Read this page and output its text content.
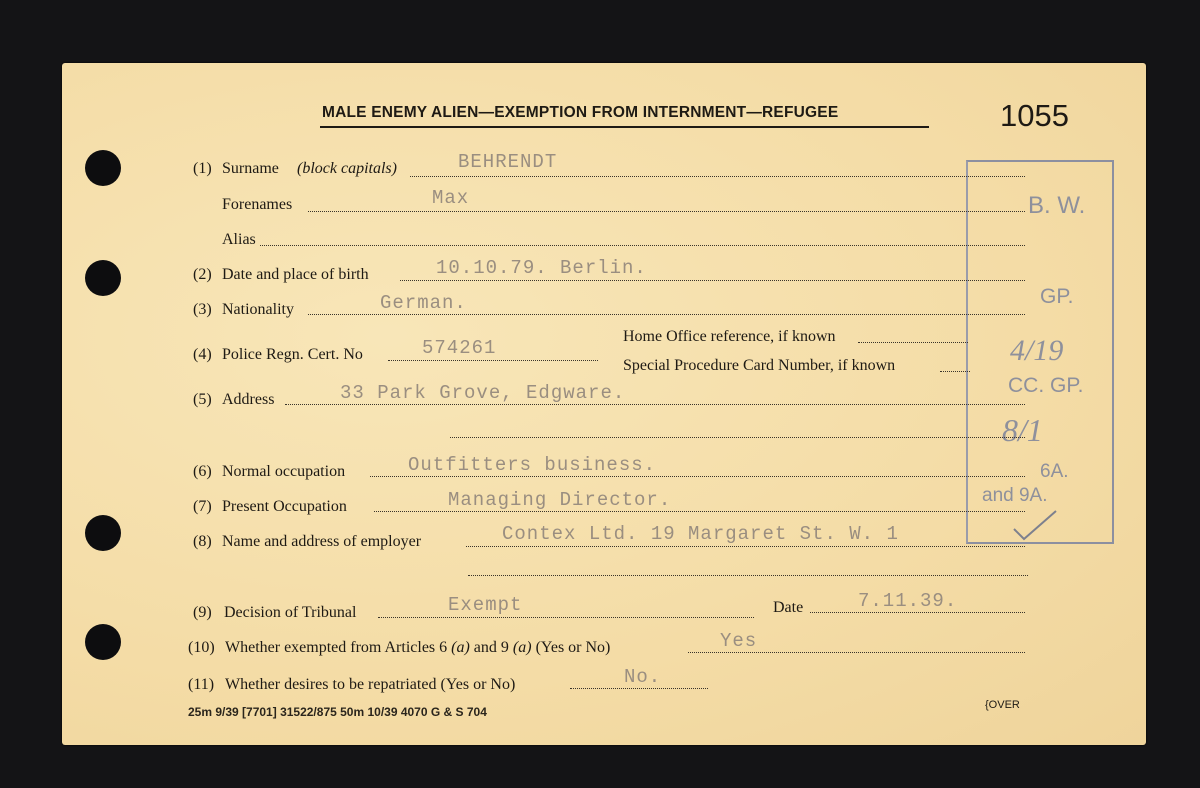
MALE ENEMY ALIEN—EXEMPTION FROM INTERNMENT—REFUGEE	1055
B. W.
GP.
4/19
CC. GP.
8/1
6A.
and 9A.
(1) Surname (block capitals)	BEHRENDT
Forenames	Max
Alias
(2) Date and place of birth	10.10.79. Berlin.
(3) Nationality	German.
(4) Police Regn. Cert. No	574261
Home Office reference, if known
Special Procedure Card Number, if known
(5) Address	33 Park Grove, Edgware.
(6) Normal occupation	Outfitters business.
(7) Present Occupation	Managing Director.
(8) Name and address of employer	Contex Ltd. 19 Margaret St. W. 1
(9) Decision of Tribunal	Exempt	Date	7.11.39.
(10) Whether exempted from Articles 6 (a) and 9 (a) (Yes or No)	Yes
(11) Whether desires to be repatriated (Yes or No)	No.
25m 9/39 [7701] 31522/875 50m 10/39 4070 G & S 704	{OVER
